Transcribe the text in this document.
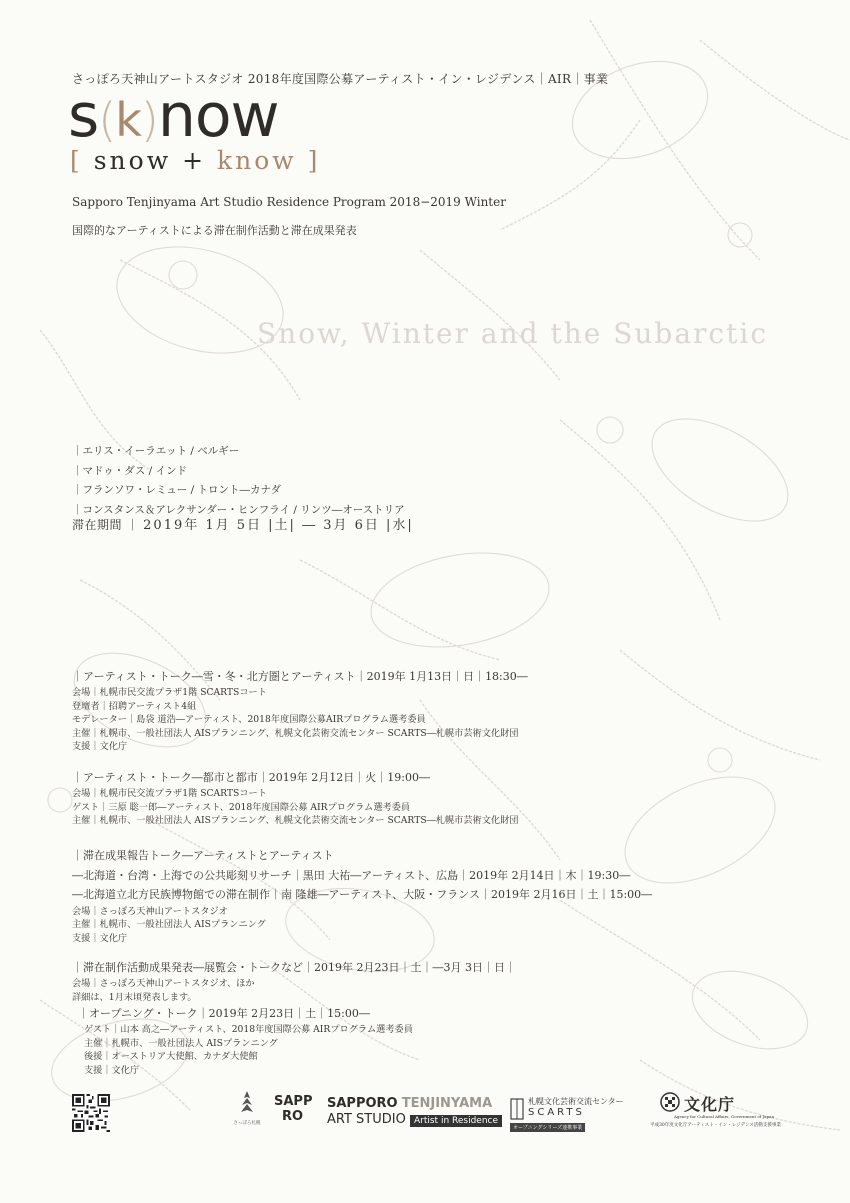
さっぽろ天神山アートスタジオ 2018年度国際公募アーティスト・イン・レジデンス｜AIR｜事業
s(k)now
[ snow + know ]
Sapporo Tenjinyama Art Studio Residence Program 2018−2019 Winter
国際的なアーティストによる滞在制作活動と滞在成果発表
Snow, Winter and the Subarctic
｜エリス・イーラエット / ベルギー
｜マドゥ・ダス / インド
｜フランソワ・レミュー / トロント―カナダ
｜コンスタンス＆アレクサンダー・ヒンフライ / リンツ―オーストリア
滞在期間 ｜ 2019年 1月 5日 |土| ― 3月 6日 |水|
｜アーティスト・トーク―雪・冬・北方圏とアーティスト｜2019年 1月13日｜日｜18:30―
会場｜札幌市民交流プラザ1階 SCARTSコート
登壇者｜招聘アーティスト4組
モデレーター｜島袋 道浩―アーティスト、2018年度国際公募AIRプログラム選考委員
主催｜札幌市、一般社団法人 AISプランニング、札幌文化芸術交流センター SCARTS―札幌市芸術文化財団
支援｜文化庁
｜アーティスト・トーク―都市と都市｜2019年 2月12日｜火｜19:00―
会場｜札幌市民交流プラザ1階 SCARTSコート
ゲスト｜三原 聡一郎―アーティスト、2018年度国際公募 AIRプログラム選考委員
主催｜札幌市、一般社団法人 AISプランニング、札幌文化芸術交流センター SCARTS―札幌市芸術文化財団
｜滞在成果報告トーク―アーティストとアーティスト
―北海道・台湾・上海での公共彫刻リサーチ｜黒田 大祐―アーティスト、広島｜2019年 2月14日｜木｜19:30―
―北海道立北方民族博物館での滞在制作｜南 隆雄―アーティスト、大阪・フランス｜2019年 2月16日｜土｜15:00―
会場｜さっぽろ天神山アートスタジオ
主催｜札幌市、一般社団法人 AISプランニング
支援｜文化庁
｜滞在制作活動成果発表―展覧会・トークなど｜2019年 2月23日｜土｜―3月 3日｜日｜
会場｜さっぽろ天神山アートスタジオ、ほか
詳細は、1月末頃発表します。
｜オープニング・トーク｜2019年 2月23日｜土｜15:00―
ゲスト｜山本 高之―アーティスト、2018年度国際公募 AIRプログラム選考委員
主催｜札幌市、一般社団法人 AISプランニング
後援｜オーストリア大使館、カナダ大使館
支援｜文化庁
さっぽろ札幌
SAPP
RO
SAPPORO TENJINYAMA
ART STUDIO Artist in Residence
札幌文化芸術交流センター
SCARTS
オープニングシリーズ連携事業
文化庁
Agency for Cultural Affairs, Government of Japan
平成30年度文化庁アーティスト・イン・レジデンス活動支援事業
